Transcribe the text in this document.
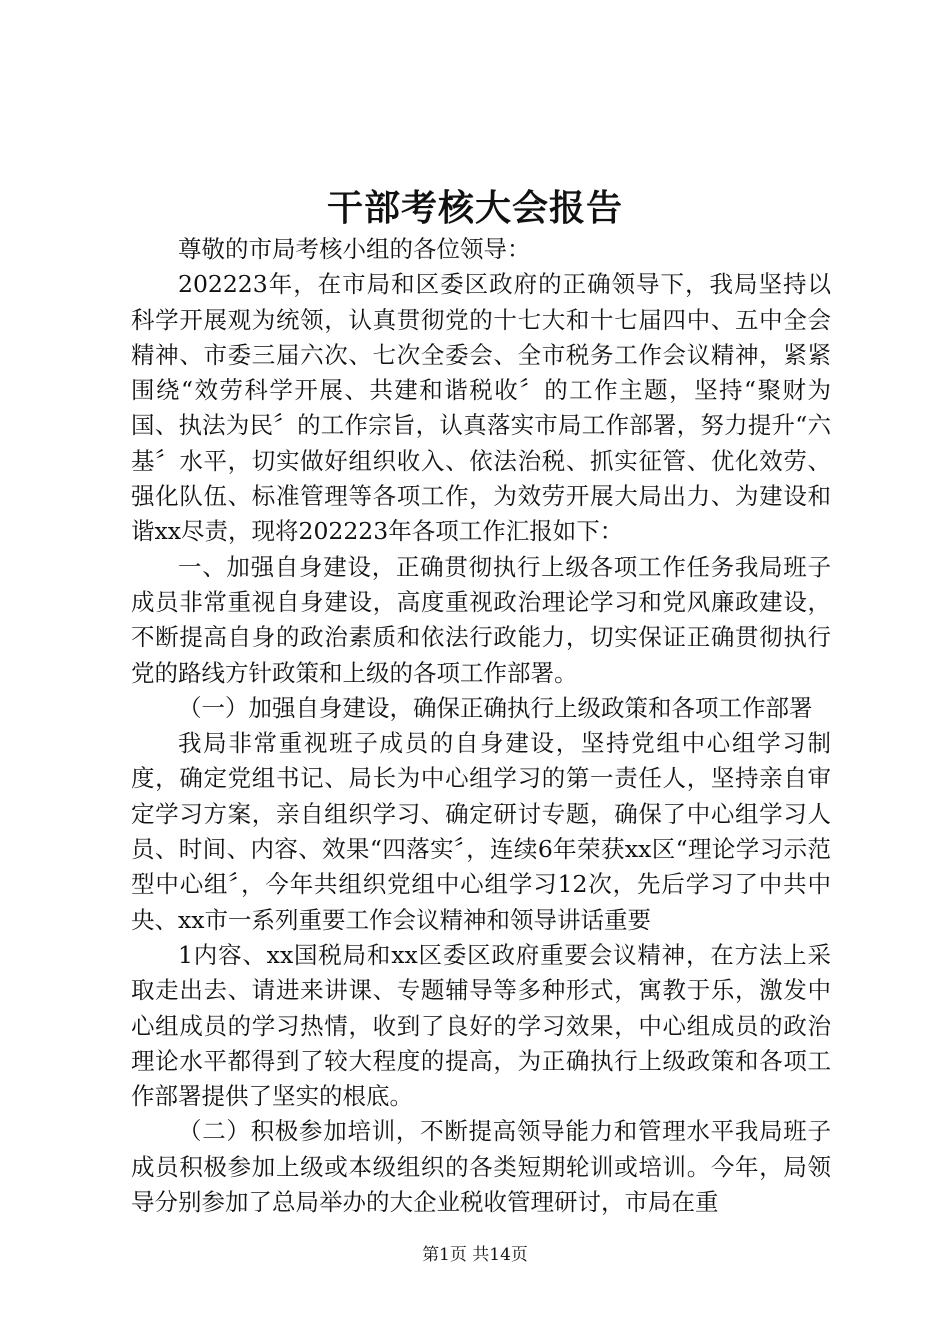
干部考核大会报告

尊敬的市局考核小组的各位领导：

202223年，在市局和区委区政府的正确领导下，我局坚持以科学开展观为统领，认真贯彻党的十七大和十七届四中、五中全会精神、市委三届六次、七次全委会、全市税务工作会议精神，紧紧围绕“效劳科学开展、共建和谐税收〞的工作主题，坚持“聚财为国、执法为民〞的工作宗旨，认真落实市局工作部署，努力提升“六基〞水平，切实做好组织收入、依法治税、抓实征管、优化效劳、强化队伍、标准管理等各项工作，为效劳开展大局出力、为建设和谐xx尽责，现将202223年各项工作汇报如下：

一、加强自身建设，正确贯彻执行上级各项工作任务我局班子成员非常重视自身建设，高度重视政治理论学习和党风廉政建设，不断提高自身的政治素质和依法行政能力，切实保证正确贯彻执行党的路线方针政策和上级的各项工作部署。

（一）加强自身建设，确保正确执行上级政策和各项工作部署

我局非常重视班子成员的自身建设，坚持党组中心组学习制度，确定党组书记、局长为中心组学习的第一责任人，坚持亲自审定学习方案，亲自组织学习、确定研讨专题，确保了中心组学习人员、时间、内容、效果“四落实〞，连续6年荣获xx区“理论学习示范型中心组〞，今年共组织党组中心组学习12次，先后学习了中共中央、xx市一系列重要工作会议精神和领导讲话重要

1内容、xx国税局和xx区委区政府重要会议精神，在方法上采取走出去、请进来讲课、专题辅导等多种形式，寓教于乐，激发中心组成员的学习热情，收到了良好的学习效果，中心组成员的政治理论水平都得到了较大程度的提高，为正确执行上级政策和各项工作部署提供了坚实的根底。

（二）积极参加培训，不断提高领导能力和管理水平我局班子成员积极参加上级或本级组织的各类短期轮训或培训。今年，局领导分别参加了总局举办的大企业税收管理研讨，市局在重

第1页 共14页
